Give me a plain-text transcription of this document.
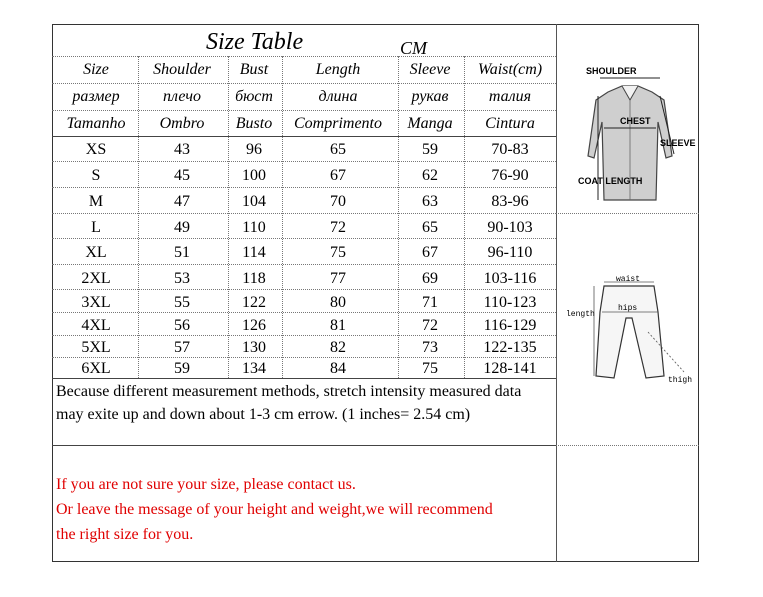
Size Table	CM
Size	Shoulder	Bust	Length	Sleeve	Waist(cm)
размер	плечо	бюст	длина	рукав	талия
Tamanho	Ombro	Busto	Comprimento	Manga	Cintura
XS	43	96	65	59	70-83
S	45	100	67	62	76-90
M	47	104	70	63	83-96
L	49	110	72	65	90-103
XL	51	114	75	67	96-110
2XL	53	118	77	69	103-116
3XL	55	122	80	71	110-123
4XL	56	126	81	72	116-129
5XL	57	130	82	73	122-135
6XL	59	134	84	75	128-141
Because different measurement methods, stretch intensity measured data may exite up and down about 1-3 cm errow. (1 inches= 2.54 cm)
If you are not sure your size, please contact us.
Or leave the message of your height and weight,we will recommend
the right size for you.
SHOULDER
CHEST
SLEEVE
COAT LENGTH
waist
hips
length
thigh
